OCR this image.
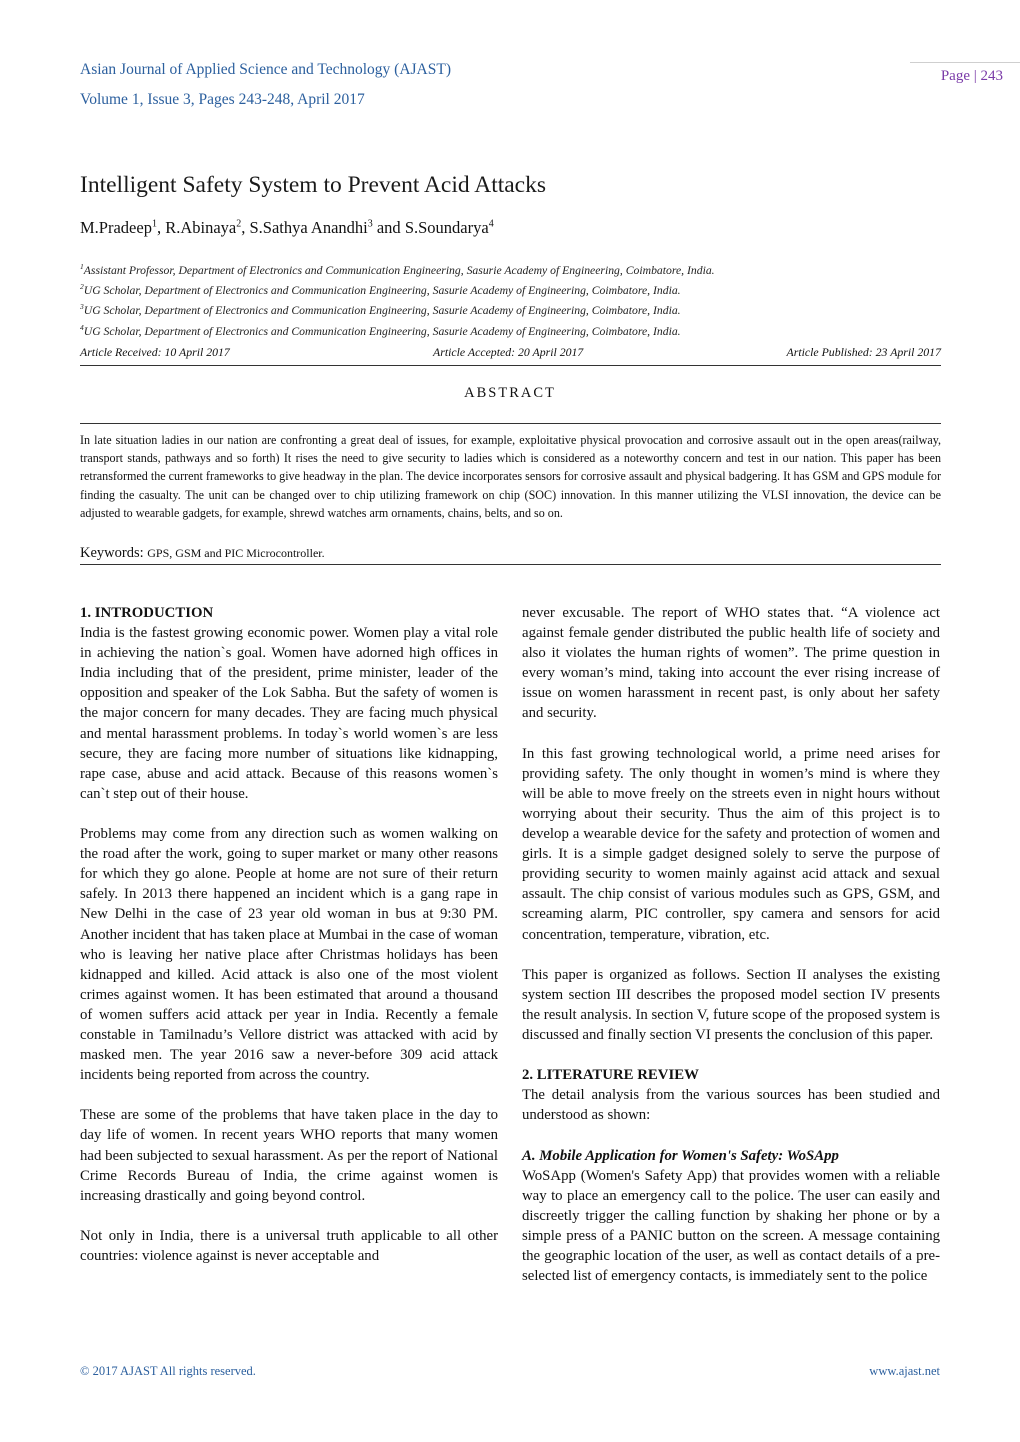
Asian Journal of Applied Science and Technology (AJAST)
Volume 1, Issue 3, Pages 243-248, April 2017
Page | 243
Intelligent Safety System to Prevent Acid Attacks
M.Pradeep$^1$, R.Abinaya$^2$, S.Sathya Anandhi$^3$ and S.Soundarya$^4$
$^1$Assistant Professor, Department of Electronics and Communication Engineering, Sasurie Academy of Engineering, Coimbatore, India.
$^2$UG Scholar, Department of Electronics and Communication Engineering, Sasurie Academy of Engineering, Coimbatore, India.
$^3$UG Scholar, Department of Electronics and Communication Engineering, Sasurie Academy of Engineering, Coimbatore, India.
$^4$UG Scholar, Department of Electronics and Communication Engineering, Sasurie Academy of Engineering, Coimbatore, India.
Article Received: 10 April 2017	Article Accepted: 20 April 2017	Article Published: 23 April 2017
ABSTRACT
In late situation ladies in our nation are confronting a great deal of issues, for example, exploitative physical provocation and corrosive assault out in the open areas(railway, transport stands, pathways and so forth) It rises the need to give security to ladies which is considered as a noteworthy concern and test in our nation. This paper has been retransformed the current frameworks to give headway in the plan. The device incorporates sensors for corrosive assault and physical badgering. It has GSM and GPS module for finding the casualty. The unit can be changed over to chip utilizing framework on chip (SOC) innovation. In this manner utilizing the VLSI innovation, the device can be adjusted to wearable gadgets, for example, shrewd watches arm ornaments, chains, belts, and so on.
Keywords: GPS, GSM and PIC Microcontroller.

1. INTRODUCTION

India is the fastest growing economic power. Women play a vital role in achieving the nation`s goal. Women have adorned high offices in India including that of the president, prime minister, leader of the opposition and speaker of the Lok Sabha. But the safety of women is the major concern for many decades. They are facing much physical and mental harassment problems. In today`s world women`s are less secure, they are facing more number of situations like kidnapping, rape case, abuse and acid attack. Because of this reasons women`s can`t step out of their house.

Problems may come from any direction such as women walking on the road after the work, going to super market or many other reasons for which they go alone. People at home are not sure of their return safely. In 2013 there happened an incident which is a gang rape in New Delhi in the case of 23 year old woman in bus at 9:30 PM. Another incident that has taken place at Mumbai in the case of woman who is leaving her native place after Christmas holidays has been kidnapped and killed. Acid attack is also one of the most violent crimes against women. It has been estimated that around a thousand of women suffers acid attack per year in India. Recently a female constable in Tamilnadu’s Vellore district was attacked with acid by masked men. The year 2016 saw a never-before 309 acid attack incidents being reported from across the country.

These are some of the problems that have taken place in the day to day life of women. In recent years WHO reports that many women had been subjected to sexual harassment. As per the report of National Crime Records Bureau of India, the crime against women is increasing drastically and going beyond control.

Not only in India, there is a universal truth applicable to all other countries: violence against is never acceptable and

never excusable. The report of WHO states that. “A violence act against female gender distributed the public health life of society and also it violates the human rights of women”. The prime question in every woman’s mind, taking into account the ever rising increase of issue on women harassment in recent past, is only about her safety and security.

In this fast growing technological world, a prime need arises for providing safety. The only thought in women’s mind is where they will be able to move freely on the streets even in night hours without worrying about their security. Thus the aim of this project is to develop a wearable device for the safety and protection of women and girls. It is a simple gadget designed solely to serve the purpose of providing security to women mainly against acid attack and sexual assault. The chip consist of various modules such as GPS, GSM, and screaming alarm, PIC controller, spy camera and sensors for acid concentration, temperature, vibration, etc.

This paper is organized as follows. Section II analyses the existing system section III describes the proposed model section IV presents the result analysis. In section V, future scope of the proposed system is discussed and finally section VI presents the conclusion of this paper.

2. LITERATURE REVIEW

The detail analysis from the various sources has been studied and understood as shown:

A. Mobile Application for Women's Safety: WoSApp

WoSApp (Women's Safety App) that provides women with a reliable way to place an emergency call to the police. The user can easily and discreetly trigger the calling function by shaking her phone or by a simple press of a PANIC button on the screen. A message containing the geographic location of the user, as well as contact details of a pre-selected list of emergency contacts, is immediately sent to the police

© 2017 AJAST All rights reserved.	www.ajast.net
